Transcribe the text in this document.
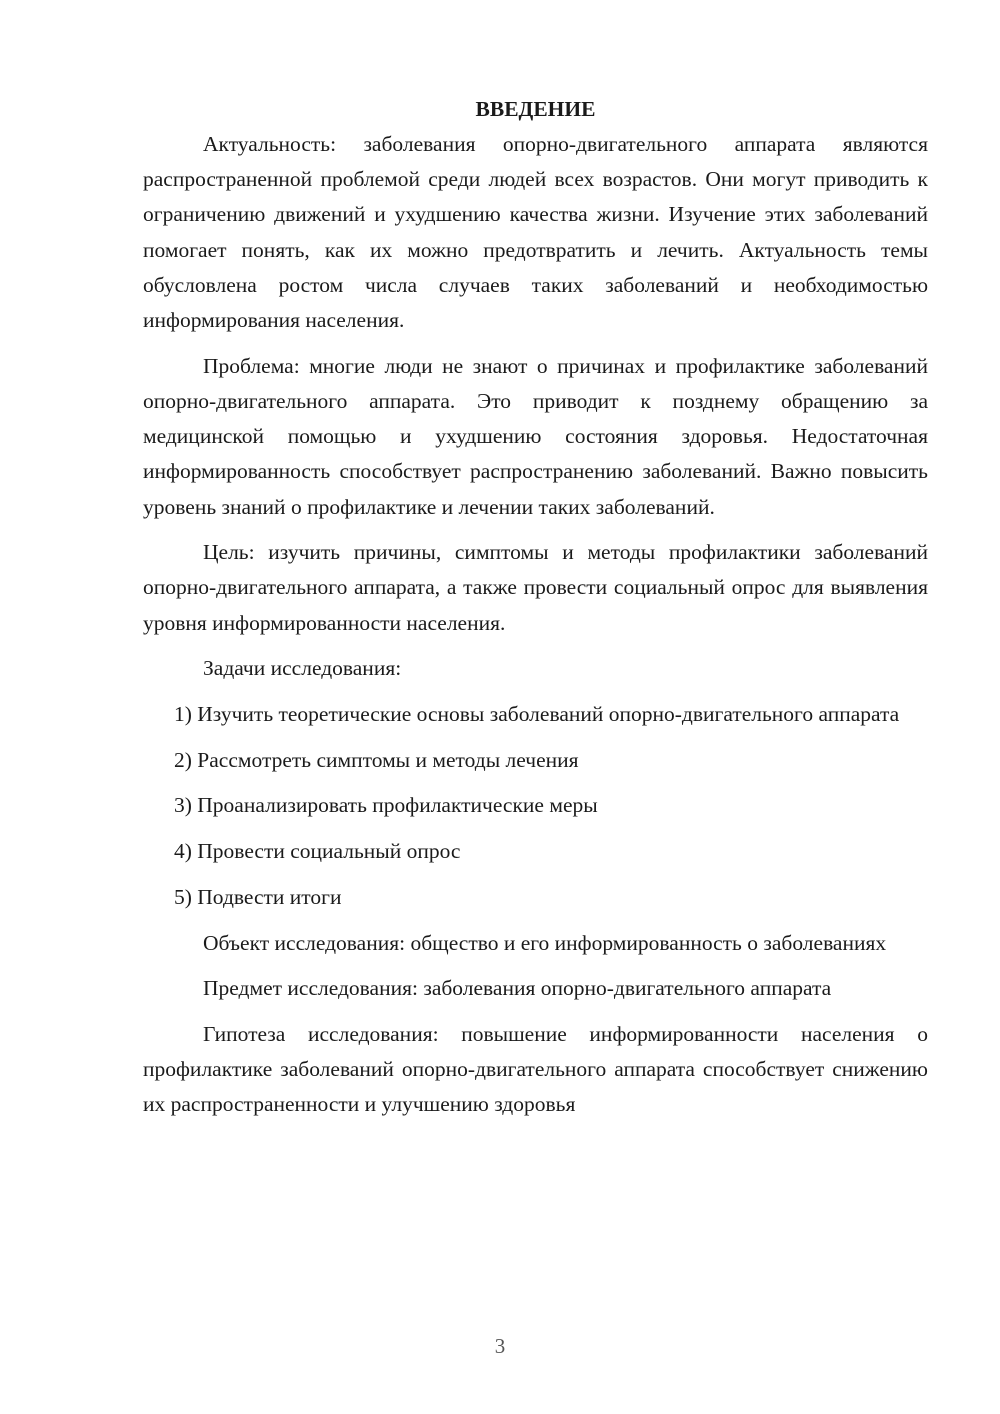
ВВЕДЕНИЕ

Актуальность: заболевания опорно-двигательного аппарата являются распространенной проблемой среди людей всех возрастов. Они могут приводить к ограничению движений и ухудшению качества жизни. Изучение этих заболеваний помогает понять, как их можно предотвратить и лечить. Актуальность темы обусловлена ростом числа случаев таких заболеваний и необходимостью информирования населения.

Проблема: многие люди не знают о причинах и профилактике заболеваний опорно-двигательного аппарата. Это приводит к позднему обращению за медицинской помощью и ухудшению состояния здоровья. Недостаточная информированность способствует распространению заболеваний. Важно повысить уровень знаний о профилактике и лечении таких заболеваний.

Цель: изучить причины, симптомы и методы профилактики заболеваний опорно-двигательного аппарата, а также провести социальный опрос для выявления уровня информированности населения.

Задачи исследования:

1) Изучить теоретические основы заболеваний опорно-двигательного аппарата

2) Рассмотреть симптомы и методы лечения

3) Проанализировать профилактические меры

4) Провести социальный опрос

5) Подвести итоги

Объект исследования: общество и его информированность о заболеваниях

Предмет исследования: заболевания опорно-двигательного аппарата

Гипотеза исследования: повышение информированности населения о профилактике заболеваний опорно-двигательного аппарата способствует снижению их распространенности и улучшению здоровья

3
